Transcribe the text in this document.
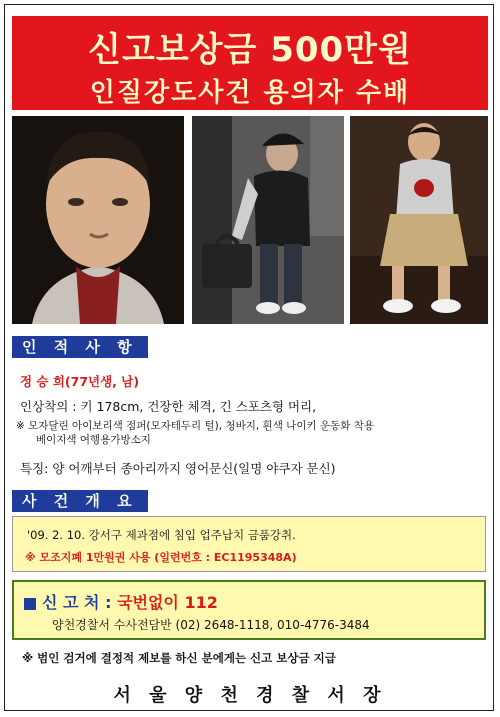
신고보상금 500만원
인질강도사건 용의자 수배
인 적 사 항
정 승 희(77년생, 남)
인상착의 : 키 178cm, 건장한 체격, 긴 스포츠형 머리,
※ 모자달린 아이보리색 점퍼(모자테두리 털), 청바지, 흰색 나이키 운동화 착용
베이지색 여행용가방소지
특징: 양 어깨부터 종아리까지 영어문신(일명 야쿠자 문신)
사 건 개 요
'09. 2. 10. 강서구 제과점에 침입 업주납치 금품강취.
※ 모조지폐 1만원권 사용 (일련번호 : EC1195348A)
신 고 처 : 국번없이 112
양천경찰서 수사전담반 (02) 2648-1118, 010-4776-3484
※ 범인 검거에 결정적 제보를 하신 분에게는 신고 보상금 지급
서 울 양 천 경 찰 서 장
